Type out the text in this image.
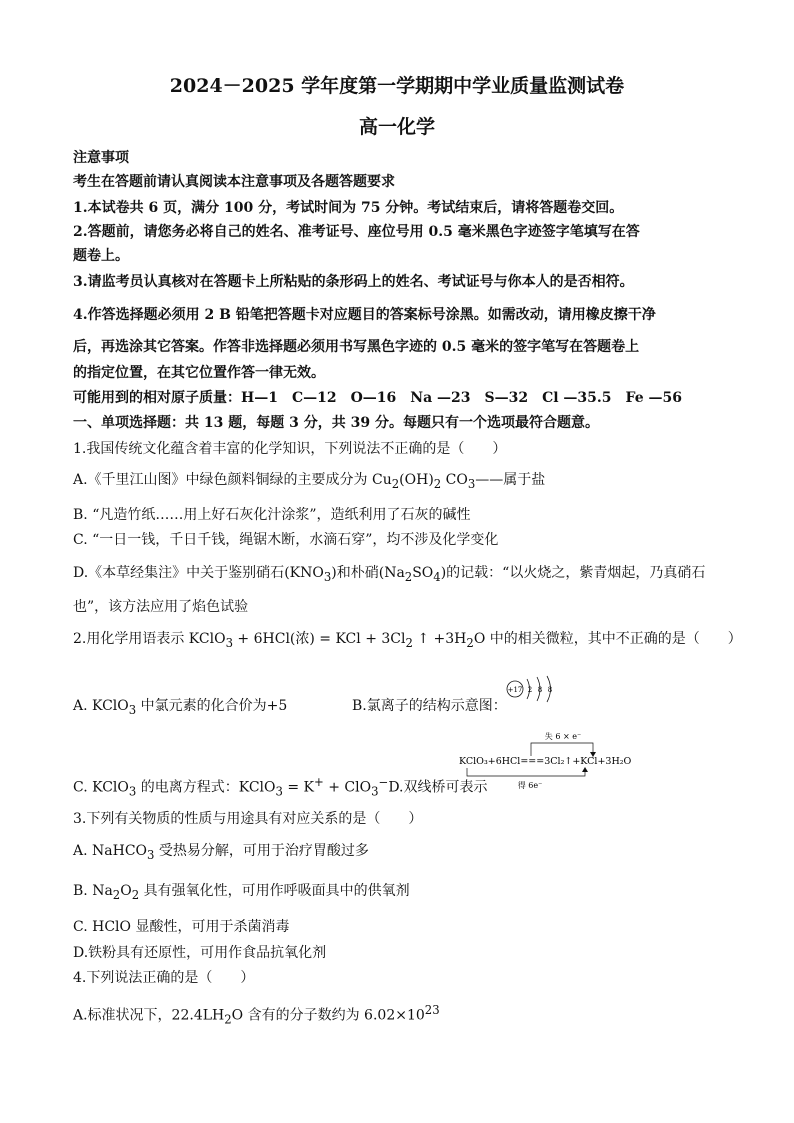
2024－2025 学年度第一学期期中学业质量监测试卷
高一化学
注意事项
考生在答题前请认真阅读本注意事项及各题答题要求
1.本试卷共 6 页，满分 100 分，考试时间为 75 分钟。考试结束后，请将答题卷交回。
2.答题前，请您务必将自己的姓名、准考证号、座位号用 0.5 毫米黑色字迹签字笔填写在答
题卷上。
3.请监考员认真核对在答题卡上所粘贴的条形码上的姓名、考试证号与你本人的是否相符。
4.作答选择题必须用 2 B 铅笔把答题卡对应题目的答案标号涂黑。如需改动，请用橡皮擦干净
后，再选涂其它答案。作答非选择题必须用书写黑色字迹的 0.5 毫米的签字笔写在答题卷上
的指定位置，在其它位置作答一律无效。
可能用到的相对原子质量：H—1　C—12　O—16　Na —23　S—32　Cl —35.5　Fe —56
一、单项选择题：共 13 题，每题 3 分，共 39 分。每题只有一个选项最符合题意。
1.我国传统文化蕴含着丰富的化学知识，下列说法不正确的是（　　）
A.《千里江山图》中绿色颜料铜绿的主要成分为 $Cu_2(OH)_2$ $CO_3——$属于盐
B. “凡造竹纸……用上好石灰化汁涂浆”，造纸利用了石灰的碱性
C. “一日一钱，千日千钱，绳锯木断，水滴石穿”，均不涉及化学变化
D.《本草经集注》中关于鉴别硝石$(KNO_3)$和朴硝$(Na_2SO_4)$的记载：“以火烧之，紫青烟起，乃真硝石
也”，该方法应用了焰色试验
2.用化学用语表示 KClO$_3$ + 6HCl(浓) = KCl + $3Cl_2$ ↑ $+3H_2O$ 中的相关微粒，其中不正确的是（　　）
A. KClO$_3$ 中氯元素的化合价为+5	B.氯离子的结构示意图：
+17 2 8 8
C. KClO$_3$ 的电离方程式：KClO$_3$ = K+ + ClO$_3$−D.双线桥可表示
失 6 × e⁻
KClO₃+6HCl===3Cl₂↑+KCl+3H₂O
得 6e⁻
3.下列有关物质的性质与用途具有对应关系的是（　　）
A. NaHCO$_3$ 受热易分解，可用于治疗胃酸过多
B. $Na_2O_2$ 具有强氧化性，可用作呼吸面具中的供氧剂
C. HClO 显酸性，可用于杀菌消毒
D.铁粉具有还原性，可用作食品抗氧化剂
4.下列说法正确的是（　　）
A.标准状况下，$22.4LH_2O$ 含有的分子数约为 $6.02\times 10^{23}$
